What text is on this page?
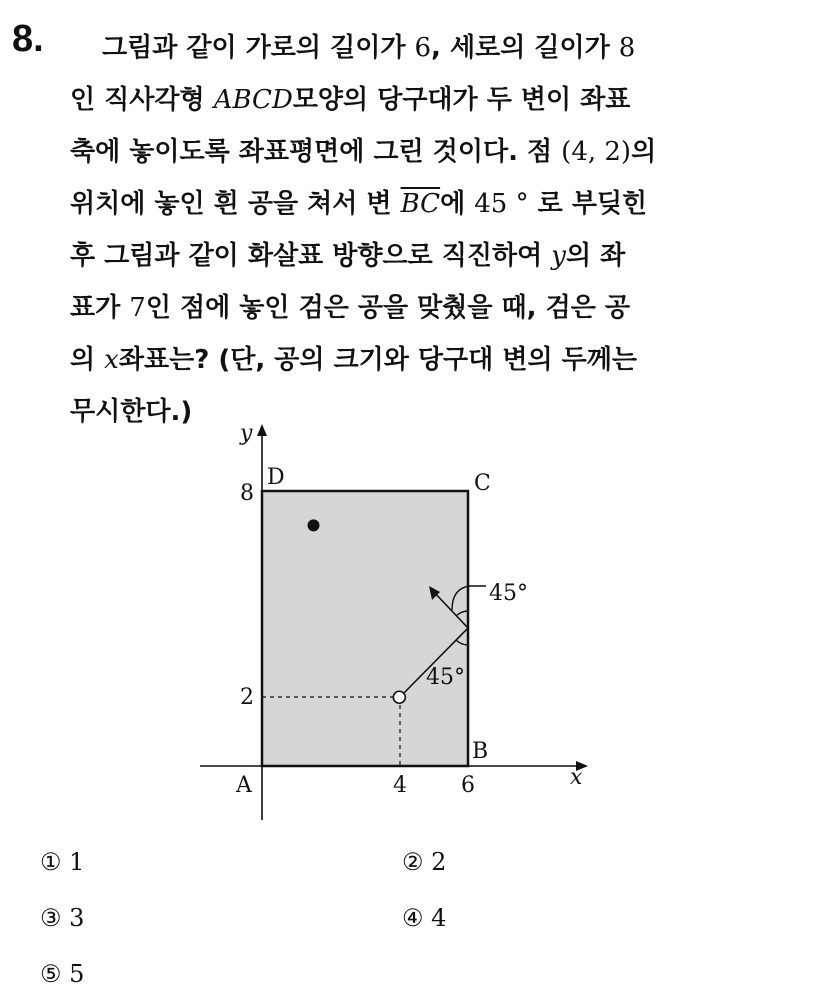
8.	그림과 같이 가로의 길이가 6, 세로의 길이가 8
인 직사각형 ABCD모양의 당구대가 두 변이 좌표
축에 놓이도록 좌표평면에 그린 것이다. 점 (4, 2)의
위치에 놓인 흰 공을 쳐서 변 $\overline{BC}$에 45 ° 로 부딪힌
후 그림과 같이 화살표 방향으로 직진하여 y의 좌
표가 7인 점에 놓인 검은 공을 맞췄을 때, 검은 공
의 x좌표는? (단, 공의 크기와 당구대 변의 두께는
무시한다.)
x
y
A
B
C
D
4 6
2
8
45°
45°
① 1	② 2
③ 3	④ 4
⑤ 5
